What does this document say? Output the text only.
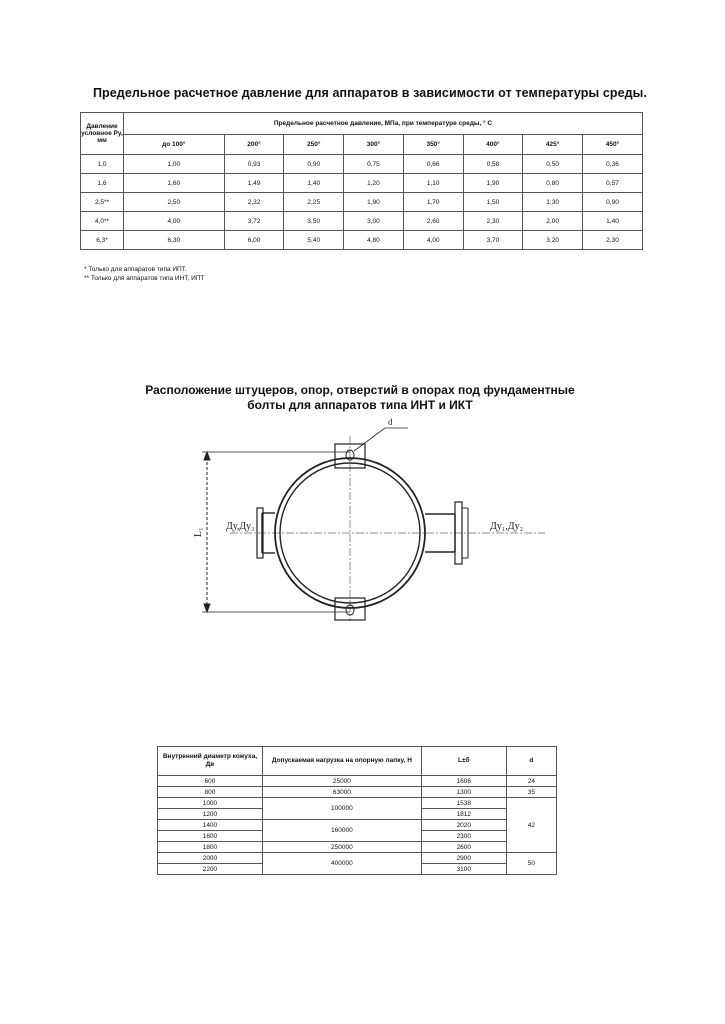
Предельное расчетное давление для аппаратов в зависимости от температуры среды.
Давление условное Ру, мм	Предельное расчетное давление, МПа, при температуре среды, ° С							
	до 100°	200°	250°	300°	350°	400°	425°	450°
1,0	1,00	0,93	0,90	0,75	0,66	0,58	0,50	0,36
1,6	1,60	1,49	1,40	1,20	1,10	1,90	0,80	0,57
2,5**	2,50	2,32	2,25	1,90	1,70	1,50	1,30	0,90
4,0**	4,00	3,72	3,50	3,00	2,60	2,30	2,00	1,40
6,3*	6,30	6,00	5,40	4,80	4,00	3,70	3,20	2,30
* Только для аппаратов типа ИПТ.
** Только для аппаратов типа ИНТ, ИПТ
Расположение штуцеров, опор, отверстий в опорах под фундаментные
болты для аппаратов типа ИНТ и ИКТ
d
Ду,Ду₃	Ду₁,Ду₂
L₁
Внутренний диаметр кожуха, Дв	Допускаемая нагрузка на опорную лапку, Н	L±б	d
600	25000	1606	24
800	63000	1300	35
1000	100000	1538	42
1200		1812	
1400	160000	2020	
1600		2300	
1800	250000	2600	
2000	400000	2900	50
2200		3100	
